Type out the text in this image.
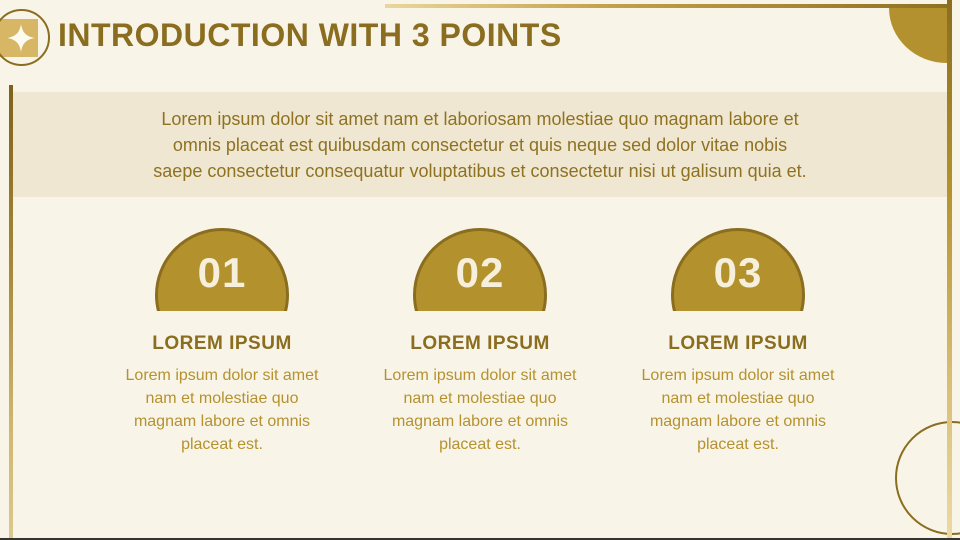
INTRODUCTION WITH 3 POINTS
Lorem ipsum dolor sit amet nam et laboriosam molestiae quo magnam labore et
omnis placeat est quibusdam consectetur et quis neque sed dolor vitae nobis
saepe consectetur consequatur voluptatibus et consectetur nisi ut galisum quia et.
01
LOREM IPSUM
Lorem ipsum dolor sit amet nam et molestiae quo magnam labore et omnis placeat est.
02
LOREM IPSUM
Lorem ipsum dolor sit amet nam et molestiae quo magnam labore et omnis placeat est.
03
LOREM IPSUM
Lorem ipsum dolor sit amet nam et molestiae quo magnam labore et omnis placeat est.
